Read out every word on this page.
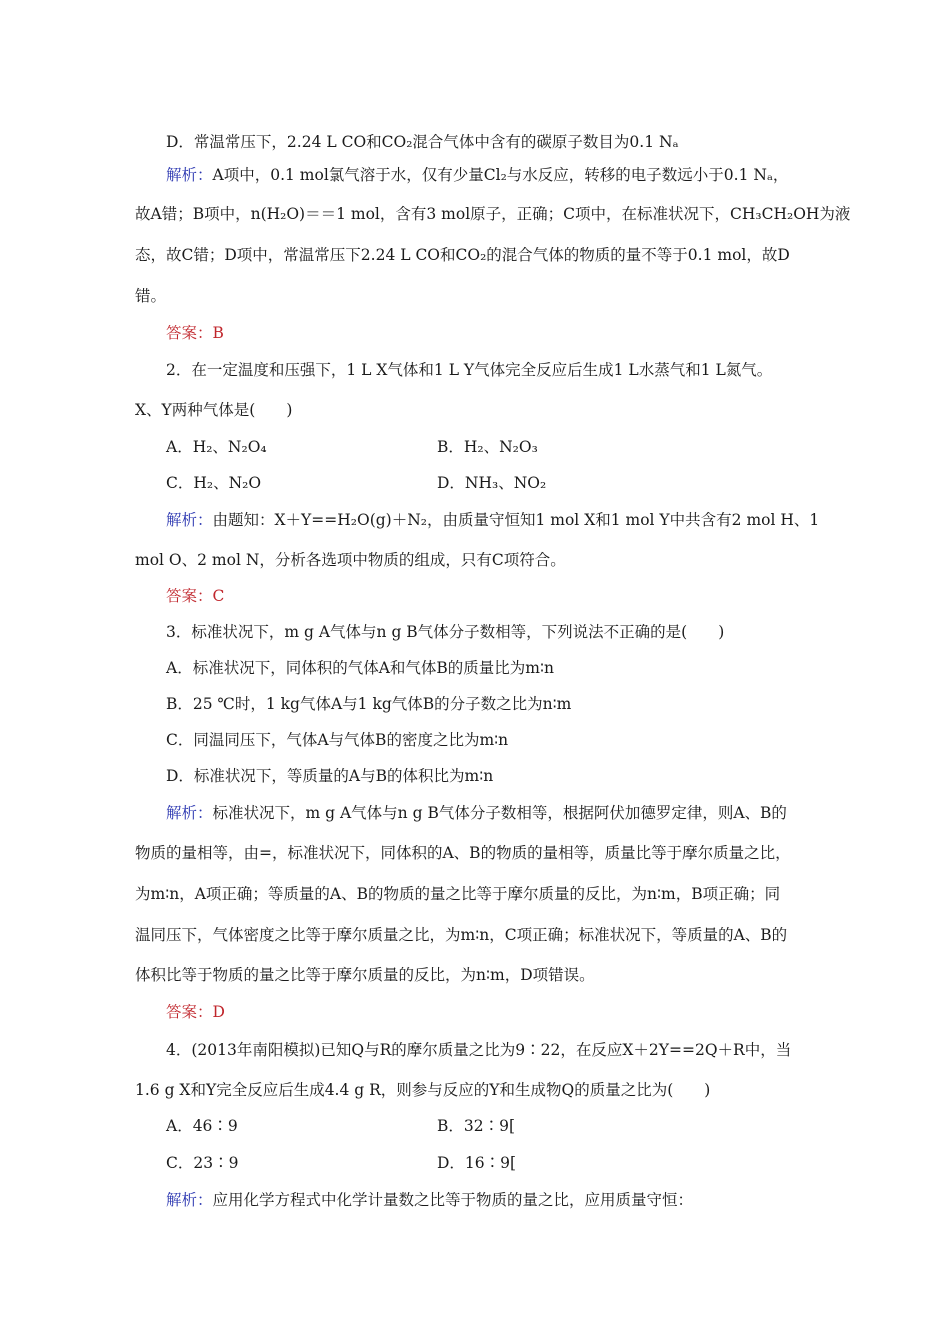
D．常温常压下，2.24 L CO和CO₂混合气体中含有的碳原子数目为0.1 Nₐ
解析：A项中，0.1 mol氯气溶于水，仅有少量Cl₂与水反应，转移的电子数远小于0.1 Nₐ，
故A错；B项中，n(H₂O)＝＝1 mol，含有3 mol原子，正确；C项中，在标准状况下，CH₃CH₂OH为液
态，故C错；D项中，常温常压下2.24 L CO和CO₂的混合气体的物质的量不等于0.1 mol，故D
错。
答案：B
2．在一定温度和压强下，1 L X气体和1 L Y气体完全反应后生成1 L水蒸气和1 L氮气。
X、Y两种气体是(　　)
A．H₂、N₂O₄	B．H₂、N₂O₃
C．H₂、N₂O	D．NH₃、NO₂
解析：由题知：X＋Y==H₂O(g)＋N₂，由质量守恒知1 mol X和1 mol Y中共含有2 mol H、1
mol O、2 mol N，分析各选项中物质的组成，只有C项符合。
答案：C
3．标准状况下，m g A气体与n g B气体分子数相等，下列说法不正确的是(　　)
A．标准状况下，同体积的气体A和气体B的质量比为m∶n
B．25 ℃时，1 kg气体A与1 kg气体B的分子数之比为n∶m
C．同温同压下，气体A与气体B的密度之比为m∶n
D．标准状况下，等质量的A与B的体积比为m∶n
解析：标准状况下，m g A气体与n g B气体分子数相等，根据阿伏加德罗定律，则A、B的
物质的量相等，由=，标准状况下，同体积的A、B的物质的量相等，质量比等于摩尔质量之比，
为m∶n，A项正确；等质量的A、B的物质的量之比等于摩尔质量的反比，为n∶m，B项正确；同
温同压下，气体密度之比等于摩尔质量之比，为m∶n，C项正确；标准状况下，等质量的A、B的
体积比等于物质的量之比等于摩尔质量的反比，为n∶m，D项错误。
答案：D
4．(2013年南阳模拟)已知Q与R的摩尔质量之比为9∶22，在反应X＋2Y==2Q＋R中，当
1.6 g X和Y完全反应后生成4.4 g R，则参与反应的Y和生成物Q的质量之比为(　　)
A．46∶9	B．32∶9[
C．23∶9	D．16∶9[
解析：应用化学方程式中化学计量数之比等于物质的量之比，应用质量守恒：
